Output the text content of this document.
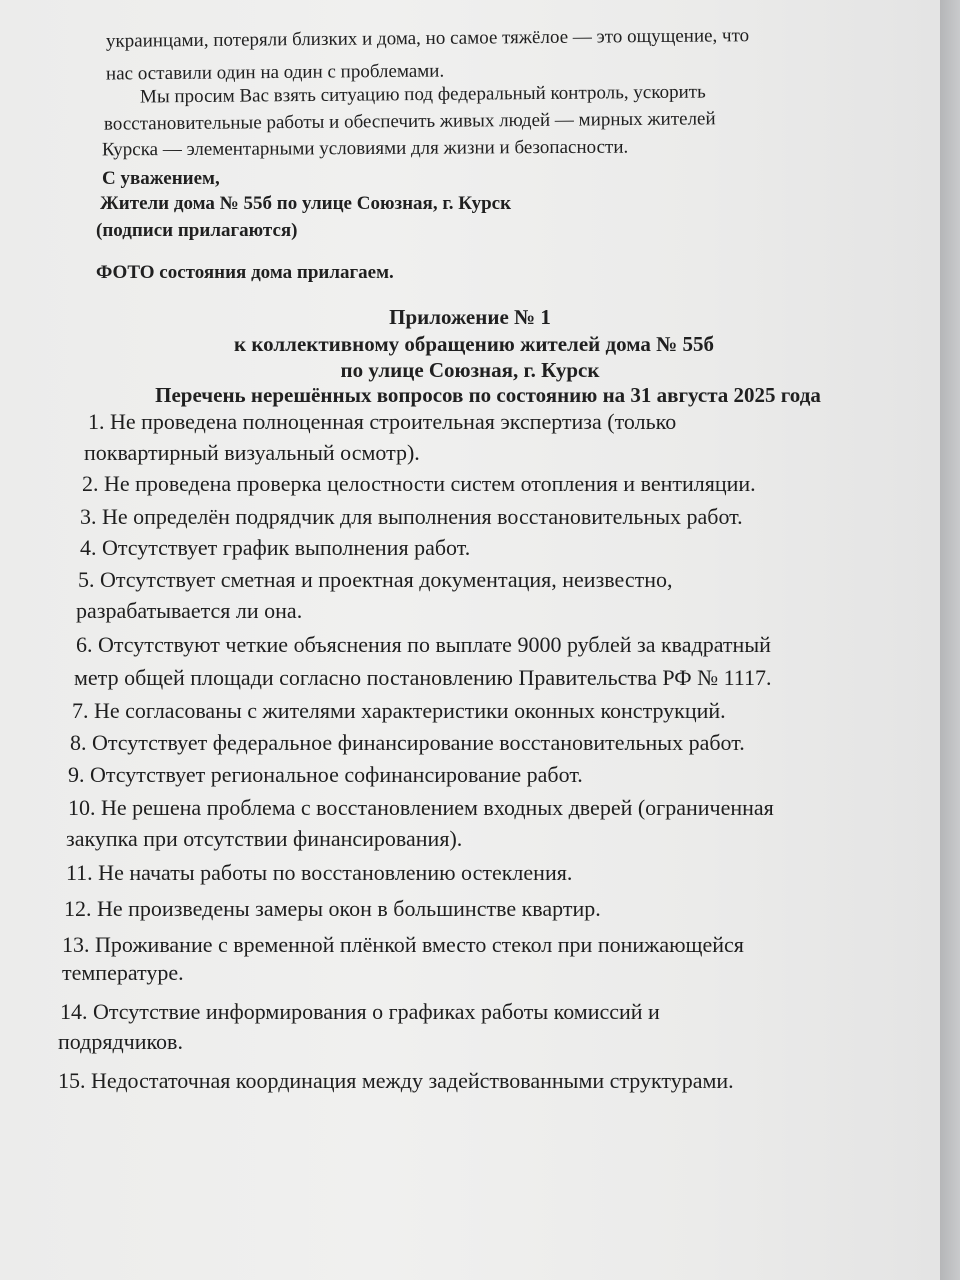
украинцами, потеряли близких и дома, но самое тяжёлое — это ощущение, что
нас оставили один на один с проблемами.
Мы просим Вас взять ситуацию под федеральный контроль, ускорить
восстановительные работы и обеспечить живых людей — мирных жителей
Курска — элементарными условиями для жизни и безопасности.
С уважением,
Жители дома № 55б по улице Союзная, г. Курск
(подписи прилагаются)
ФОТО состояния дома прилагаем.
Приложение № 1
к коллективному обращению жителей дома № 55б
по улице Союзная, г. Курск
Перечень нерешённых вопросов по состоянию на 31 августа 2025 года
1. Не проведена полноценная строительная экспертиза (только
поквартирный визуальный осмотр).
2. Не проведена проверка целостности систем отопления и вентиляции.
3. Не определён подрядчик для выполнения восстановительных работ.
4. Отсутствует график выполнения работ.
5. Отсутствует сметная и проектная документация, неизвестно,
разрабатывается ли она.
6. Отсутствуют четкие объяснения по выплате 9000 рублей за квадратный
метр общей площади согласно постановлению Правительства РФ № 1117.
7. Не согласованы с жителями характеристики оконных конструкций.
8. Отсутствует федеральное финансирование восстановительных работ.
9. Отсутствует региональное софинансирование работ.
10. Не решена проблема с восстановлением входных дверей (ограниченная
закупка при отсутствии финансирования).
11. Не начаты работы по восстановлению остекления.
12. Не произведены замеры окон в большинстве квартир.
13. Проживание с временной плёнкой вместо стекол при понижающейся
температуре.
14. Отсутствие информирования о графиках работы комиссий и
подрядчиков.
15. Недостаточная координация между задействованными структурами.
